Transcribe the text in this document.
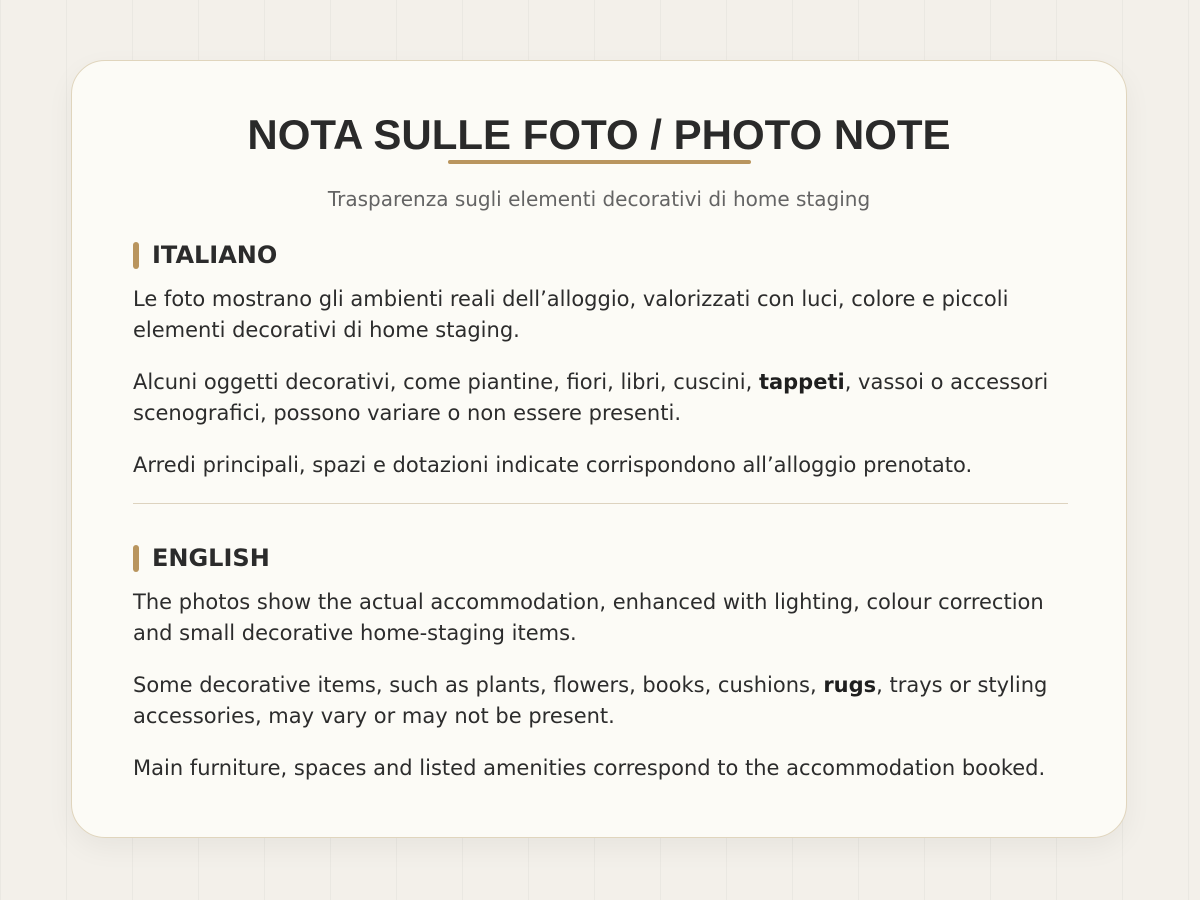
NOTA SULLE FOTO / PHOTO NOTE
Trasparenza sugli elementi decorativi di home staging
ITALIANO

Le foto mostrano gli ambienti reali dell’alloggio, valorizzati con luci, colore e piccoli elementi decorativi di home staging.

Alcuni oggetti decorativi, come piantine, fiori, libri, cuscini, tappeti, vassoi o accessori scenografici, possono variare o non essere presenti.

Arredi principali, spazi e dotazioni indicate corrispondono all’alloggio prenotato.

ENGLISH

The photos show the actual accommodation, enhanced with lighting, colour correction and small decorative home-staging items.

Some decorative items, such as plants, flowers, books, cushions, rugs, trays or styling accessories, may vary or may not be present.

Main furniture, spaces and listed amenities correspond to the accommodation booked.
